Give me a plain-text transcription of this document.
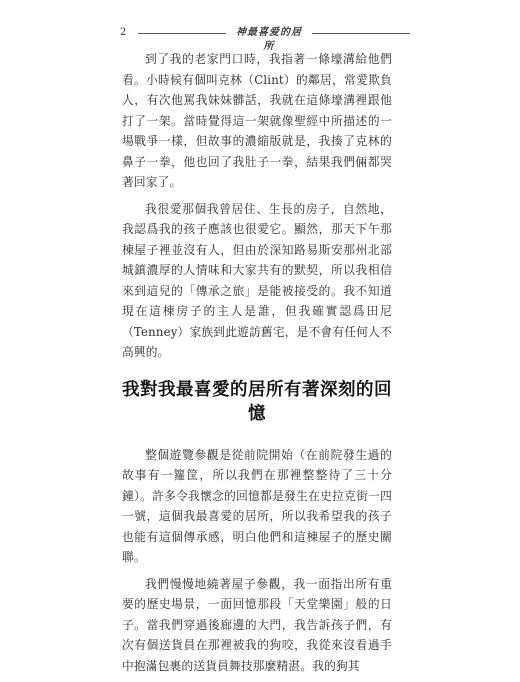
2	神最喜爱的居所

到了我的老家門口時，我指著一條壕溝給他們看。小時候有個叫克林（Clint）的鄰居，常愛欺負人，有次他罵我妹妹髒話，我就在這條壕溝裡跟他打了一架。當時覺得這一架就像聖經中所描述的一場戰爭一樣，但故事的濃縮版就是，我揍了克林的鼻子一拳，他也回了我肚子一拳，結果我們倆都哭著回家了。

我很愛那個我曾居住、生長的房子，自然地，我認爲我的孩子應該也很愛它。顯然，那天下午那棟屋子裡並沒有人，但由於深知路易斯安那州北部城鎮濃厚的人情味和大家共有的默契，所以我相信來到這兒的「傳承之旅」是能被接受的。我不知道現在這棟房子的主人是誰，但我確實認爲田尼（Tenney）家族到此遊訪舊宅，是不會有任何人不高興的。

我對我最喜愛的居所有著深刻的回憶

整個遊覽參觀是從前院開始（在前院發生過的故事有一籮筐，所以我們在那裡整整待了三十分鐘）。許多令我懷念的回憶都是發生在史拉克街一四一號，這個我最喜愛的居所，所以我希望我的孩子也能有這個傳承感，明白他們和這棟屋子的歷史關聯。

我們慢慢地繞著屋子參觀，我一面指出所有重要的歷史場景，一面回憶那段「天堂樂園」般的日子。當我們穿過後廊邊的大門，我告訴孩子們，有次有個送貨員在那裡被我的狗咬，我從來沒看過手中抱滿包裹的送貨員舞技那麼精湛。我的狗其
